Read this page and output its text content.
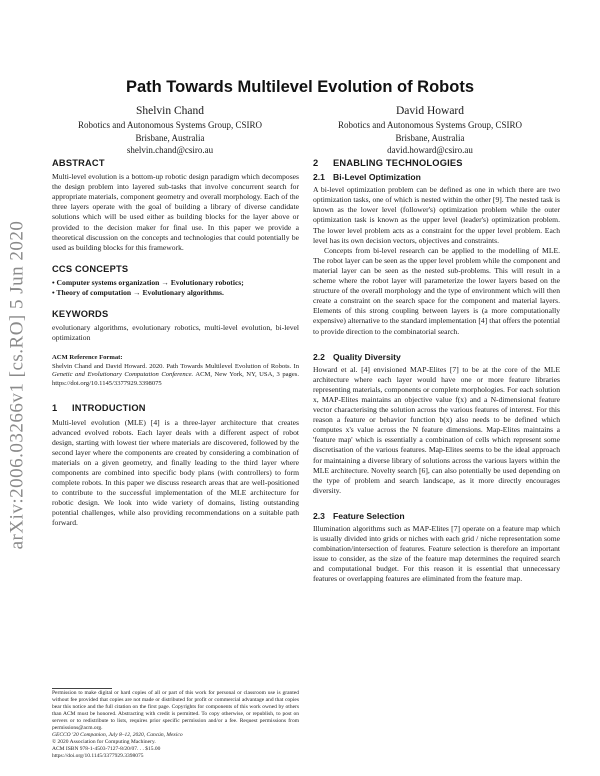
arXiv:2006.03266v1 [cs.RO] 5 Jun 2020
Path Towards Multilevel Evolution of Robots
Shelvin Chand
Robotics and Autonomous Systems Group, CSIRO
Brisbane, Australia
shelvin.chand@csiro.au
David Howard
Robotics and Autonomous Systems Group, CSIRO
Brisbane, Australia
david.howard@csiro.au
ABSTRACT

Multi-level evolution is a bottom-up robotic design paradigm which decomposes the design problem into layered sub-tasks that involve concurrent search for appropriate materials, component geometry and overall morphology. Each of the three layers operate with the goal of building a library of diverse candidate solutions which will be used either as building blocks for the layer above or provided to the decision maker for final use. In this paper we provide a theoretical discussion on the concepts and technologies that could potentially be used as building blocks for this framework.

CCS CONCEPTS
• Computer systems organization → Evolutionary robotics;
• Theory of computation → Evolutionary algorithms.
KEYWORDS

evolutionary algorithms, evolutionary robotics, multi-level evolution, bi-level optimization

ACM Reference Format:

Shelvin Chand and David Howard. 2020. Path Towards Multilevel Evolution of Robots. In Genetic and Evolutionary Computation Conference. ACM, New York, NY, USA, 3 pages. https://doi.org/10.1145/3377929.3398075

1 INTRODUCTION

Multi-level evolution (MLE) [4] is a three-layer architecture that creates advanced evolved robots. Each layer deals with a different aspect of robot design, starting with lowest tier where materials are discovered, followed by the second layer where the components are created by considering a combination of materials on a given geometry, and finally leading to the third layer where components are combined into specific body plans (with controllers) to form complete robots. In this paper we discuss research areas that are well-positioned to contribute to the successful implementation of the MLE architecture for robotic design. We look into wide variety of domains, listing outstanding potential challenges, while also providing recommendations on a suitable path forward.

Permission to make digital or hard copies of all or part of this work for personal or classroom use is granted without fee provided that copies are not made or distributed for profit or commercial advantage and that copies bear this notice and the full citation on the first page. Copyrights for components of this work owned by others than ACM must be honored. Abstracting with credit is permitted. To copy otherwise, or republish, to post on servers or to redistribute to lists, requires prior specific permission and/or a fee. Request permissions from permissions@acm.org.

GECCO '20 Companion, July 8–12, 2020, Cancún, Mexico

© 2020 Association for Computing Machinery.

ACM ISBN 978-1-4503-7127-8/20/07. . . $15.00

https://doi.org/10.1145/3377929.3398075

2 ENABLING TECHNOLOGIES
2.1 Bi-Level Optimization

A bi-level optimization problem can be defined as one in which there are two optimization tasks, one of which is nested within the other [9]. The nested task is known as the lower level (follower's) optimization problem while the outer optimization task is known as the upper level (leader's) optimization problem. The lower level problem acts as a constraint for the upper level problem. Each level has its own decision vectors, objectives and constraints.

Concepts from bi-level research can be applied to the modelling of MLE. The robot layer can be seen as the upper level problem while the component and material layer can be seen as the nested sub-problems. This will result in a scheme where the robot layer will parameterize the lower layers based on the structure of the overall morphology and the type of environment which will then create a constraint on the search space for the component and material layers. Elements of this strong coupling between layers is (a more computationally expensive) alternative to the standard implementation [4] that offers the potential to provide direction to the combinatorial search.

2.2 Quality Diversity

Howard et al. [4] envisioned MAP-Elites [7] to be at the core of the MLE architecture where each layer would have one or more feature libraries representing materials, components or complete morphologies. For each solution x, MAP-Elites maintains an objective value f(x) and a N-dimensional feature vector characterising the solution across the various features of interest. For this reason a feature or behavior function b(x) also needs to be defined which computes x's value across the N feature dimensions. Map-Elites maintains a 'feature map' which is essentially a combination of cells which represent some discretisation of the various features. Map-Elites seems to be the ideal approach for maintaining a diverse library of solutions across the various layers within the MLE architecture. Novelty search [6], can also potentially be used depending on the type of problem and search landscape, as it more directly encourages diversity.

2.3 Feature Selection

Illumination algorithms such as MAP-Elites [7] operate on a feature map which is usually divided into grids or niches with each grid / niche representation some combination/intersection of features. Feature selection is therefore an important issue to consider, as the size of the feature map determines the required search and computational budget. For this reason it is essential that unnecessary features or overlapping features are eliminated from the feature map.
